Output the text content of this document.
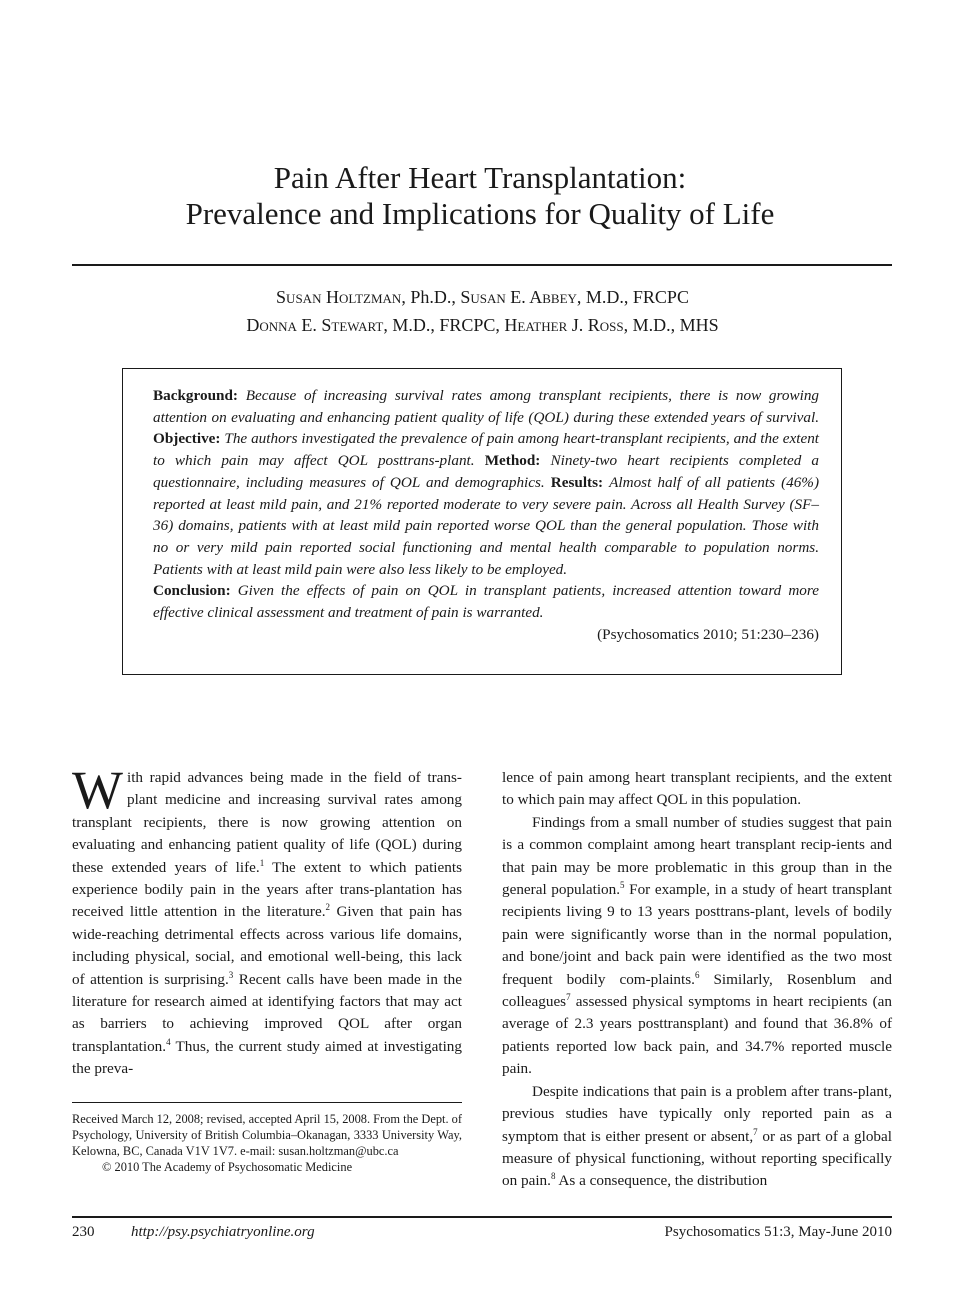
Pain After Heart Transplantation:
Prevalence and Implications for Quality of Life
Susan Holtzman, Ph.D., Susan E. Abbey, M.D., FRCPC
Donna E. Stewart, M.D., FRCPC, Heather J. Ross, M.D., MHS
Background: Because of increasing survival rates among transplant recipients, there is now growing attention on evaluating and enhancing patient quality of life (QOL) during these extended years of survival. Objective: The authors investigated the prevalence of pain among heart-transplant recipients, and the extent to which pain may affect QOL posttrans-plant. Method: Ninety-two heart recipients completed a questionnaire, including measures of QOL and demographics. Results: Almost half of all patients (46%) reported at least mild pain, and 21% reported moderate to very severe pain. Across all Health Survey (SF–36) domains, patients with at least mild pain reported worse QOL than the general population. Those with no or very mild pain reported social functioning and mental health comparable to population norms. Patients with at least mild pain were also less likely to be employed.
Conclusion: Given the effects of pain on QOL in transplant patients, increased attention toward more effective clinical assessment and treatment of pain is warranted.
(Psychosomatics 2010; 51:230–236)

With rapid advances being made in the field of trans-plant medicine and increasing survival rates among transplant recipients, there is now growing attention on evaluating and enhancing patient quality of life (QOL) during these extended years of life.$^1$ The extent to which patients experience bodily pain in the years after trans-plantation has received little attention in the literature.$^2$ Given that pain has wide-reaching detrimental effects across various life domains, including physical, social, and emotional well-being, this lack of attention is surprising.$^3$ Recent calls have been made in the literature for research aimed at identifying factors that may act as barriers to achieving improved QOL after organ transplantation.$^4$ Thus, the current study aimed at investigating the preva-

Received March 12, 2008; revised, accepted April 15, 2008. From the Dept. of Psychology, University of British Columbia–Okanagan, 3333 University Way, Kelowna, BC, Canada V1V 1V7. e-mail: susan.holtzman@ubc.ca

© 2010 The Academy of Psychosomatic Medicine

lence of pain among heart transplant recipients, and the extent to which pain may affect QOL in this population.

Findings from a small number of studies suggest that pain is a common complaint among heart transplant recip-ients and that pain may be more problematic in this group than in the general population.$^5$ For example, in a study of heart transplant recipients living 9 to 13 years posttrans-plant, levels of bodily pain were significantly worse than in the normal population, and bone/joint and back pain were identified as the two most frequent bodily com-plaints.$^6$ Similarly, Rosenblum and colleagues$^7$ assessed physical symptoms in heart recipients (an average of 2.3 years posttransplant) and found that 36.8% of patients reported low back pain, and 34.7% reported muscle pain.

Despite indications that pain is a problem after trans-plant, previous studies have typically only reported pain as a symptom that is either present or absent,$^7$ or as part of a global measure of physical functioning, without reporting specifically on pain.$^8$ As a consequence, the distribution

230 http://psy.psychiatryonline.org	Psychosomatics 51:3, May-June 2010
